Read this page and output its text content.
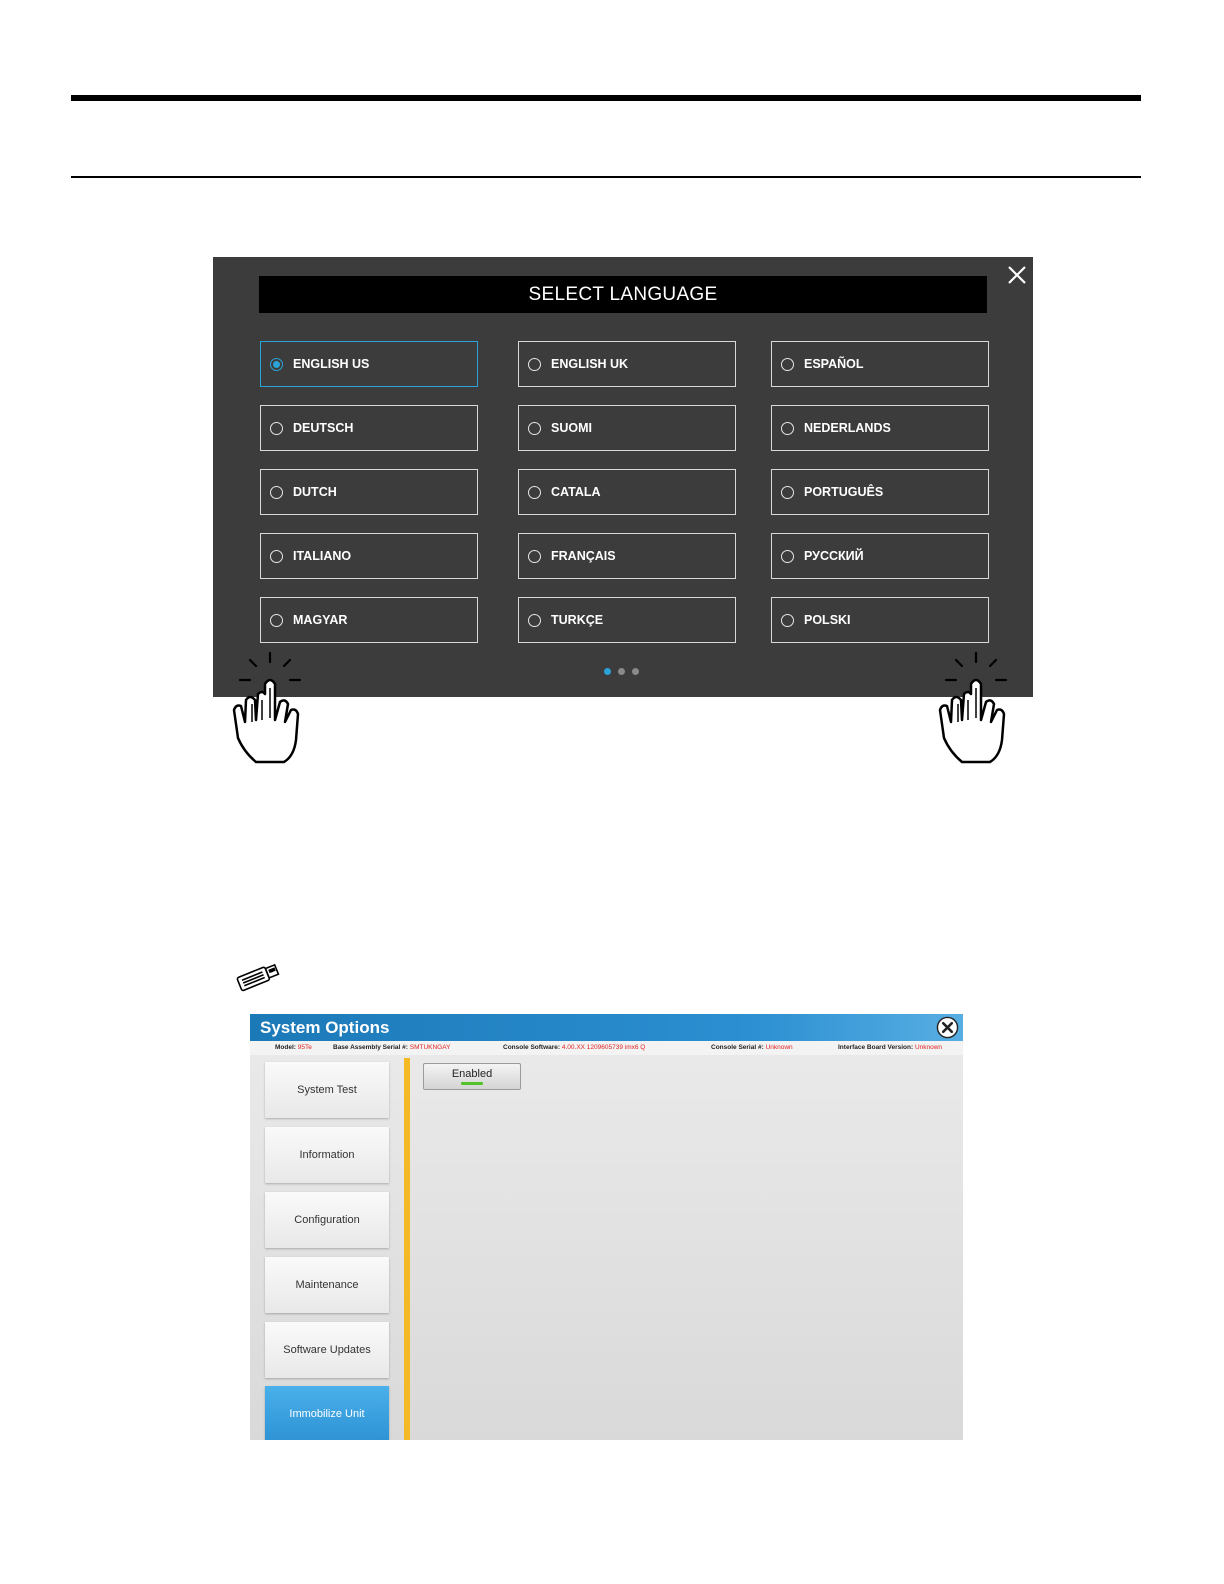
SELECT LANGUAGE
ENGLISH US	ENGLISH UK	ESPAÑOL
DEUTSCH	SUOMI	NEDERLANDS
DUTCH	CATALA	PORTUGUÊS
ITALIANO	FRANÇAIS	РУССКИЙ
MAGYAR	TURKÇE	POLSKI
System Options
Model: 95Te	Base Assembly Serial #: SMTUKNGAY	Console Software: 4.00.XX 1209605739 imx6 Q	Console Serial #: Unknown	Interface Board Version: Unknown
System Test
Information
Configuration
Maintenance
Software Updates
Immobilize Unit
Enabled
